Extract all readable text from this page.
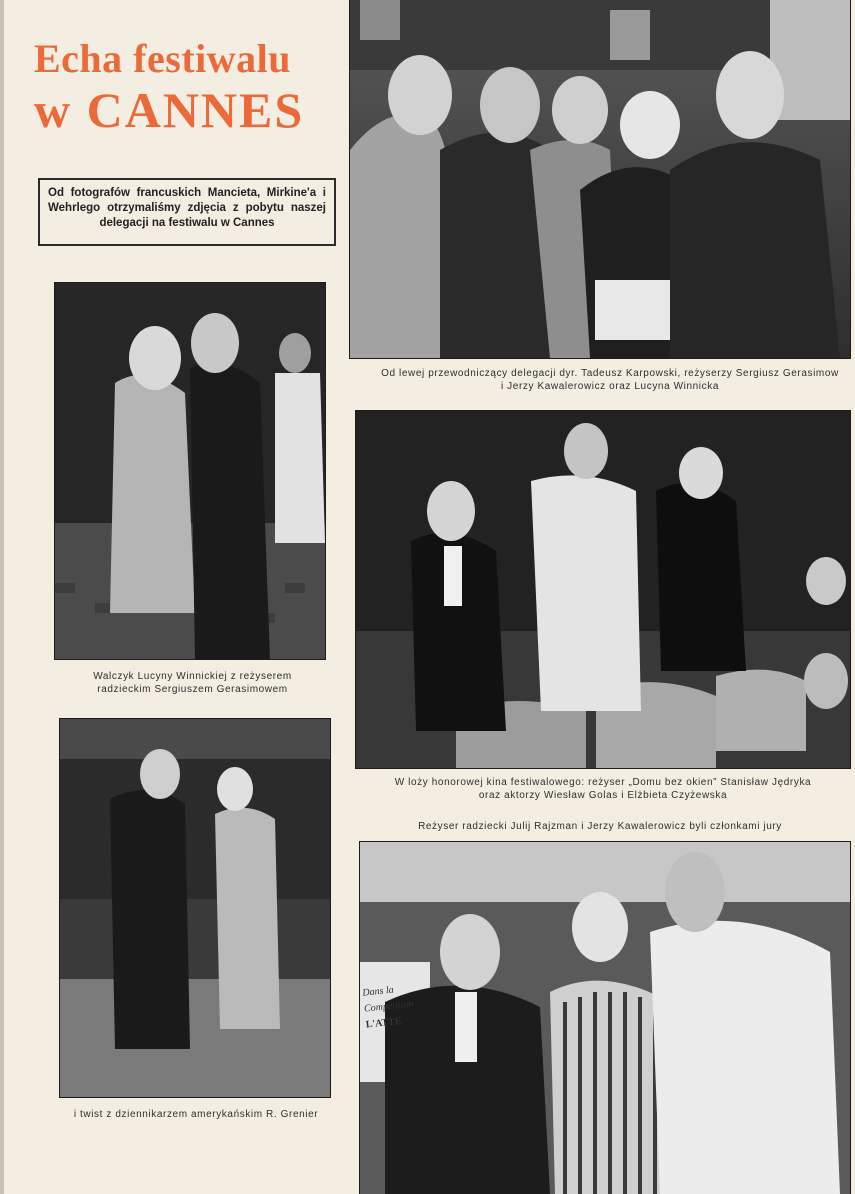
Echa festiwalu
w CANNES
Od fotografów francuskich Mancieta, Mirkine'a i Wehrlego otrzymaliśmy zdjęcia z pobytu naszej delegacji na festiwalu w Cannes
Od lewej przewodniczący delegacji dyr. Tadeusz Karpowski, reżyserzy Sergiusz Gerasimow i Jerzy Kawalerowicz oraz Lucyna Winnicka
Walczyk Lucyny Winnickiej z reżyserem radzieckim Sergiuszem Gerasimowem
W loży honorowej kina festiwalowego: reżyser „Domu bez okien” Stanisław Jędryka oraz aktorzy Wiesław Golas i Elżbieta Czyżewska
Reżyser radziecki Julij Rajzman i Jerzy Kawalerowicz byli członkami jury
i twist z dziennikarzem amerykańskim R. Grenier
Dans la Compétition
L'ATTE
